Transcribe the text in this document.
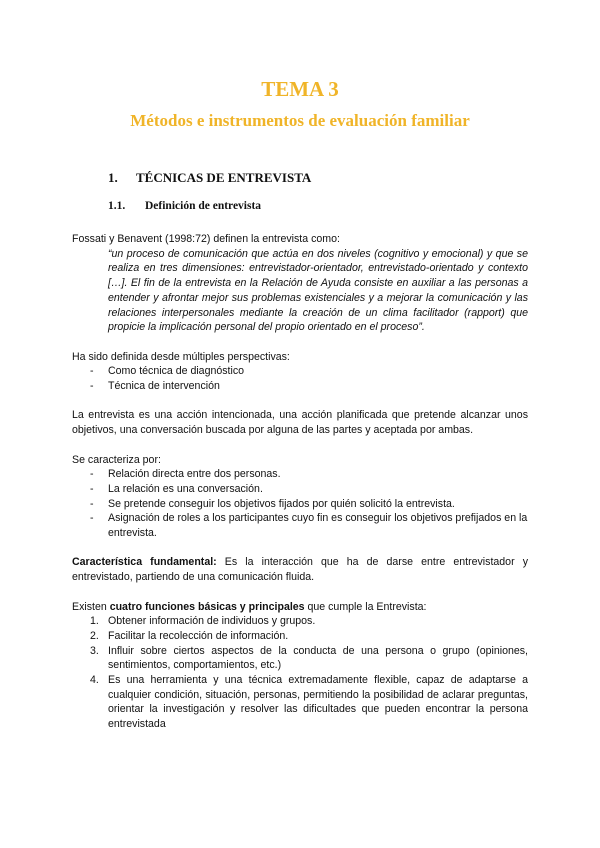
TEMA 3
Métodos e instrumentos de evaluación familiar
1. TÉCNICAS DE ENTREVISTA
1.1. Definición de entrevista

Fossati y Benavent (1998:72) definen la entrevista como:

“un proceso de comunicación que actúa en dos niveles (cognitivo y emocional) y que se realiza en tres dimensiones: entrevistador-orientador, entrevistado-orientado y contexto […]. El fin de la entrevista en la Relación de Ayuda consiste en auxiliar a las personas a entender y afrontar mejor sus problemas existenciales y a mejorar la comunicación y las relaciones interpersonales mediante la creación de un clima facilitador (rapport) que propicie la implicación personal del propio orientado en el proceso”.

Ha sido definida desde múltiples perspectivas:

- Como técnica de diagnóstico
- Técnica de intervención

La entrevista es una acción intencionada, una acción planificada que pretende alcanzar unos objetivos, una conversación buscada por alguna de las partes y aceptada por ambas.

Se caracteriza por:

- Relación directa entre dos personas.
- La relación es una conversación.
- Se pretende conseguir los objetivos fijados por quién solicitó la entrevista.
- Asignación de roles a los participantes cuyo fin es conseguir los objetivos prefijados en la entrevista.

Característica fundamental: Es la interacción que ha de darse entre entrevistador y entrevistado, partiendo de una comunicación fluida.

Existen cuatro funciones básicas y principales que cumple la Entrevista:

1. Obtener información de individuos y grupos.
2. Facilitar la recolección de información.
3. Influir sobre ciertos aspectos de la conducta de una persona o grupo (opiniones, sentimientos, comportamientos, etc.)
4. Es una herramienta y una técnica extremadamente flexible, capaz de adaptarse a cualquier condición, situación, personas, permitiendo la posibilidad de aclarar preguntas, orientar la investigación y resolver las dificultades que pueden encontrar la persona entrevistada
